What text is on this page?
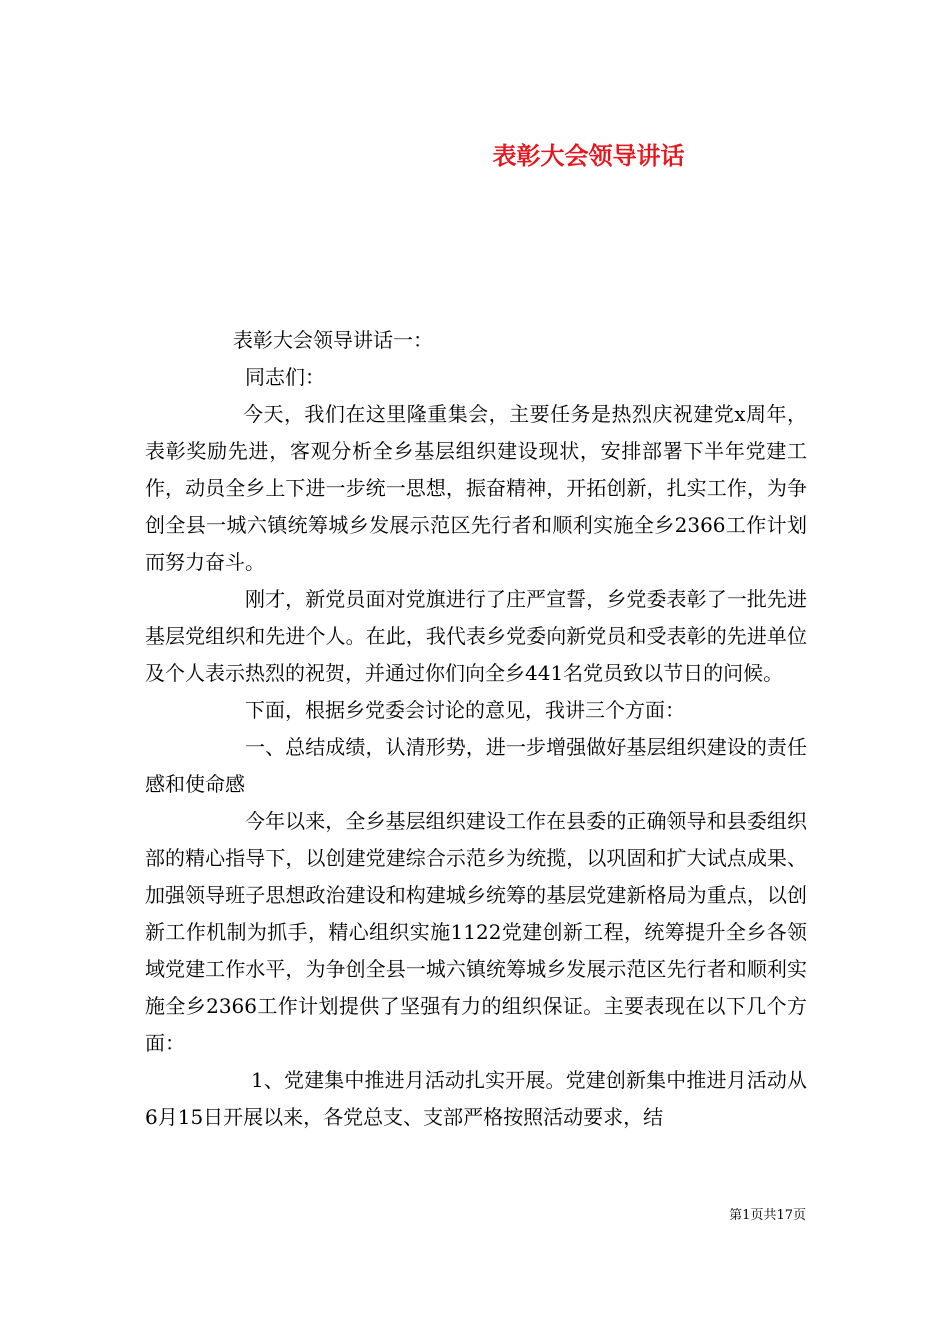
表彰大会领导讲话

表彰大会领导讲话一：

同志们：

今天，我们在这里隆重集会，主要任务是热烈庆祝建党x周年，表彰奖励先进，客观分析全乡基层组织建设现状，安排部署下半年党建工作，动员全乡上下进一步统一思想，振奋精神，开拓创新，扎实工作，为争创全县一城六镇统筹城乡发展示范区先行者和顺利实施全乡2366工作计划而努力奋斗。

刚才，新党员面对党旗进行了庄严宣誓，乡党委表彰了一批先进基层党组织和先进个人。在此，我代表乡党委向新党员和受表彰的先进单位及个人表示热烈的祝贺，并通过你们向全乡441名党员致以节日的问候。

下面，根据乡党委会讨论的意见，我讲三个方面：

一、总结成绩，认清形势，进一步增强做好基层组织建设的责任感和使命感

今年以来，全乡基层组织建设工作在县委的正确领导和县委组织部的精心指导下，以创建党建综合示范乡为统揽，以巩固和扩大试点成果、加强领导班子思想政治建设和构建城乡统筹的基层党建新格局为重点，以创新工作机制为抓手，精心组织实施1122党建创新工程，统筹提升全乡各领域党建工作水平，为争创全县一城六镇统筹城乡发展示范区先行者和顺利实施全乡2366工作计划提供了坚强有力的组织保证。主要表现在以下几个方面：

1、党建集中推进月活动扎实开展。党建创新集中推进月活动从6月15日开展以来，各党总支、支部严格按照活动要求，结

第1页共17页
